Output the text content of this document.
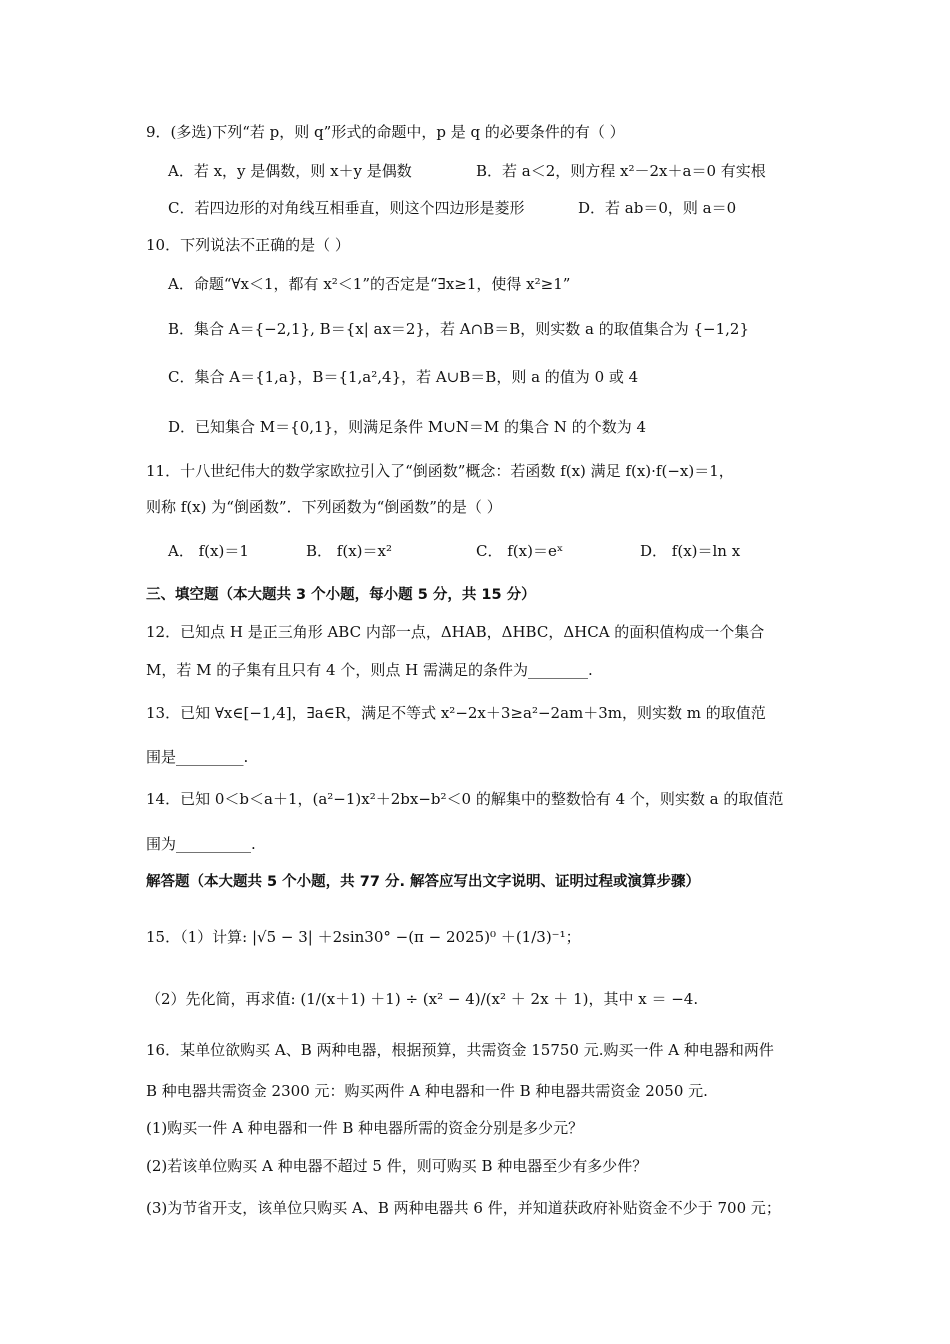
9．(多选)下列“若 p，则 q”形式的命题中，p 是 q 的必要条件的有（ ）
A．若 x，y 是偶数，则 x＋y 是偶数	B．若 a＜2，则方程 x²－2x＋a＝0 有实根
C．若四边形的对角线互相垂直，则这个四边形是菱形	D．若 ab＝0，则 a＝0
10．下列说法不正确的是（ ）
A．命题“∀x＜1，都有 x²＜1”的否定是“∃x≥1，使得 x²≥1”
B．集合 A＝{−2,1}, B＝{x| ax＝2}，若 A∩B＝B，则实数 a 的取值集合为 {−1,2}
C．集合 A＝{1,a}，B＝{1,a²,4}，若 A∪B＝B，则 a 的值为 0 或 4
D．已知集合 M＝{0,1}，则满足条件 M∪N＝M 的集合 N 的个数为 4
11．十八世纪伟大的数学家欧拉引入了“倒函数”概念：若函数 f(x) 满足 f(x)·f(−x)＝1，
则称 f(x) 为“倒函数”．下列函数为“倒函数”的是（ ）
A． f(x)＝1	B． f(x)＝x²	C． f(x)＝eˣ	D． f(x)＝ln x
三、填空题（本大题共 3 个小题，每小题 5 分，共 15 分）
12．已知点 H 是正三角形 ABC 内部一点，ΔHAB，ΔHBC，ΔHCA 的面积值构成一个集合
M，若 M 的子集有且只有 4 个，则点 H 需满足的条件为________.
13．已知 ∀x∈[−1,4]，∃a∈R，满足不等式 x²−2x＋3≥a²−2am＋3m，则实数 m 的取值范
围是_________.
14．已知 0＜b＜a＋1，(a²−1)x²＋2bx−b²＜0 的解集中的整数恰有 4 个，则实数 a 的取值范
围为__________.
解答题（本大题共 5 个小题，共 77 分. 解答应写出文字说明、证明过程或演算步骤）
15．（1）计算: |√5 − 3| ＋2sin30° −(π − 2025)⁰ ＋(1/3)⁻¹；
（2）先化简，再求值: (1/(x＋1) ＋1) ÷ (x² − 4)/(x² ＋ 2x ＋ 1)，其中 x ＝ −4.
16．某单位欲购买 A、B 两种电器，根据预算，共需资金 15750 元.购买一件 A 种电器和两件
B 种电器共需资金 2300 元：购买两件 A 种电器和一件 B 种电器共需资金 2050 元.
(1)购买一件 A 种电器和一件 B 种电器所需的资金分别是多少元？
(2)若该单位购买 A 种电器不超过 5 件，则可购买 B 种电器至少有多少件？
(3)为节省开支，该单位只购买 A、B 两种电器共 6 件，并知道获政府补贴资金不少于 700 元；
